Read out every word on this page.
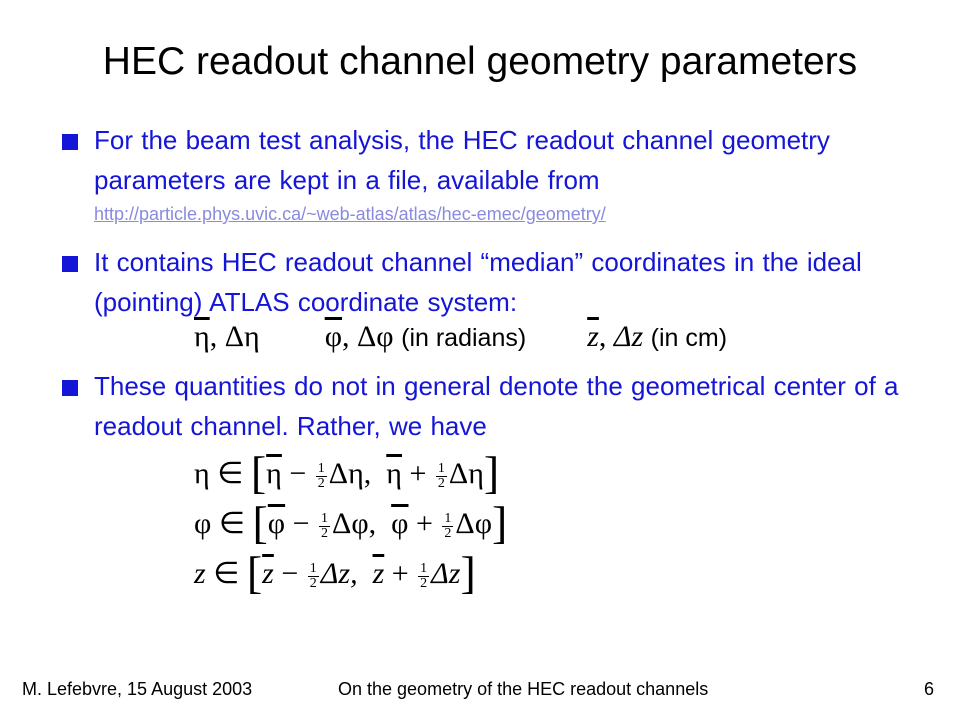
HEC readout channel geometry parameters
For the beam test analysis, the HEC readout channel geometry parameters are kept in a file, available from
http://particle.phys.uvic.ca/~web-atlas/atlas/hec-emec/geometry/
It contains HEC readout channel “median” coordinates in the ideal (pointing) ATLAS coordinate system:
$\overline{\eta}$, Δη $\overline{\varphi}$, Δφ (in radians) $\overline{z}$, Δz (in cm)
These quantities do not in general denote the geometrical center of a readout channel. Rather, we have
η ∈ [$\overline{\eta} - \frac{1}{2} \Delta\eta$,  $\overline{\eta} + \frac{1}{2} \Delta\eta$]
φ ∈ [$\overline{\varphi} - \frac{1}{2} \Delta\varphi$,  $\overline{\varphi} + \frac{1}{2} \Delta\varphi$]
z ∈ [$\overline{z} - \frac{1}{2} \Delta z$,  $\overline{z} + \frac{1}{2} \Delta z$]
M. Lefebvre, 15 August 2003	On the geometry of the HEC readout channels	6
